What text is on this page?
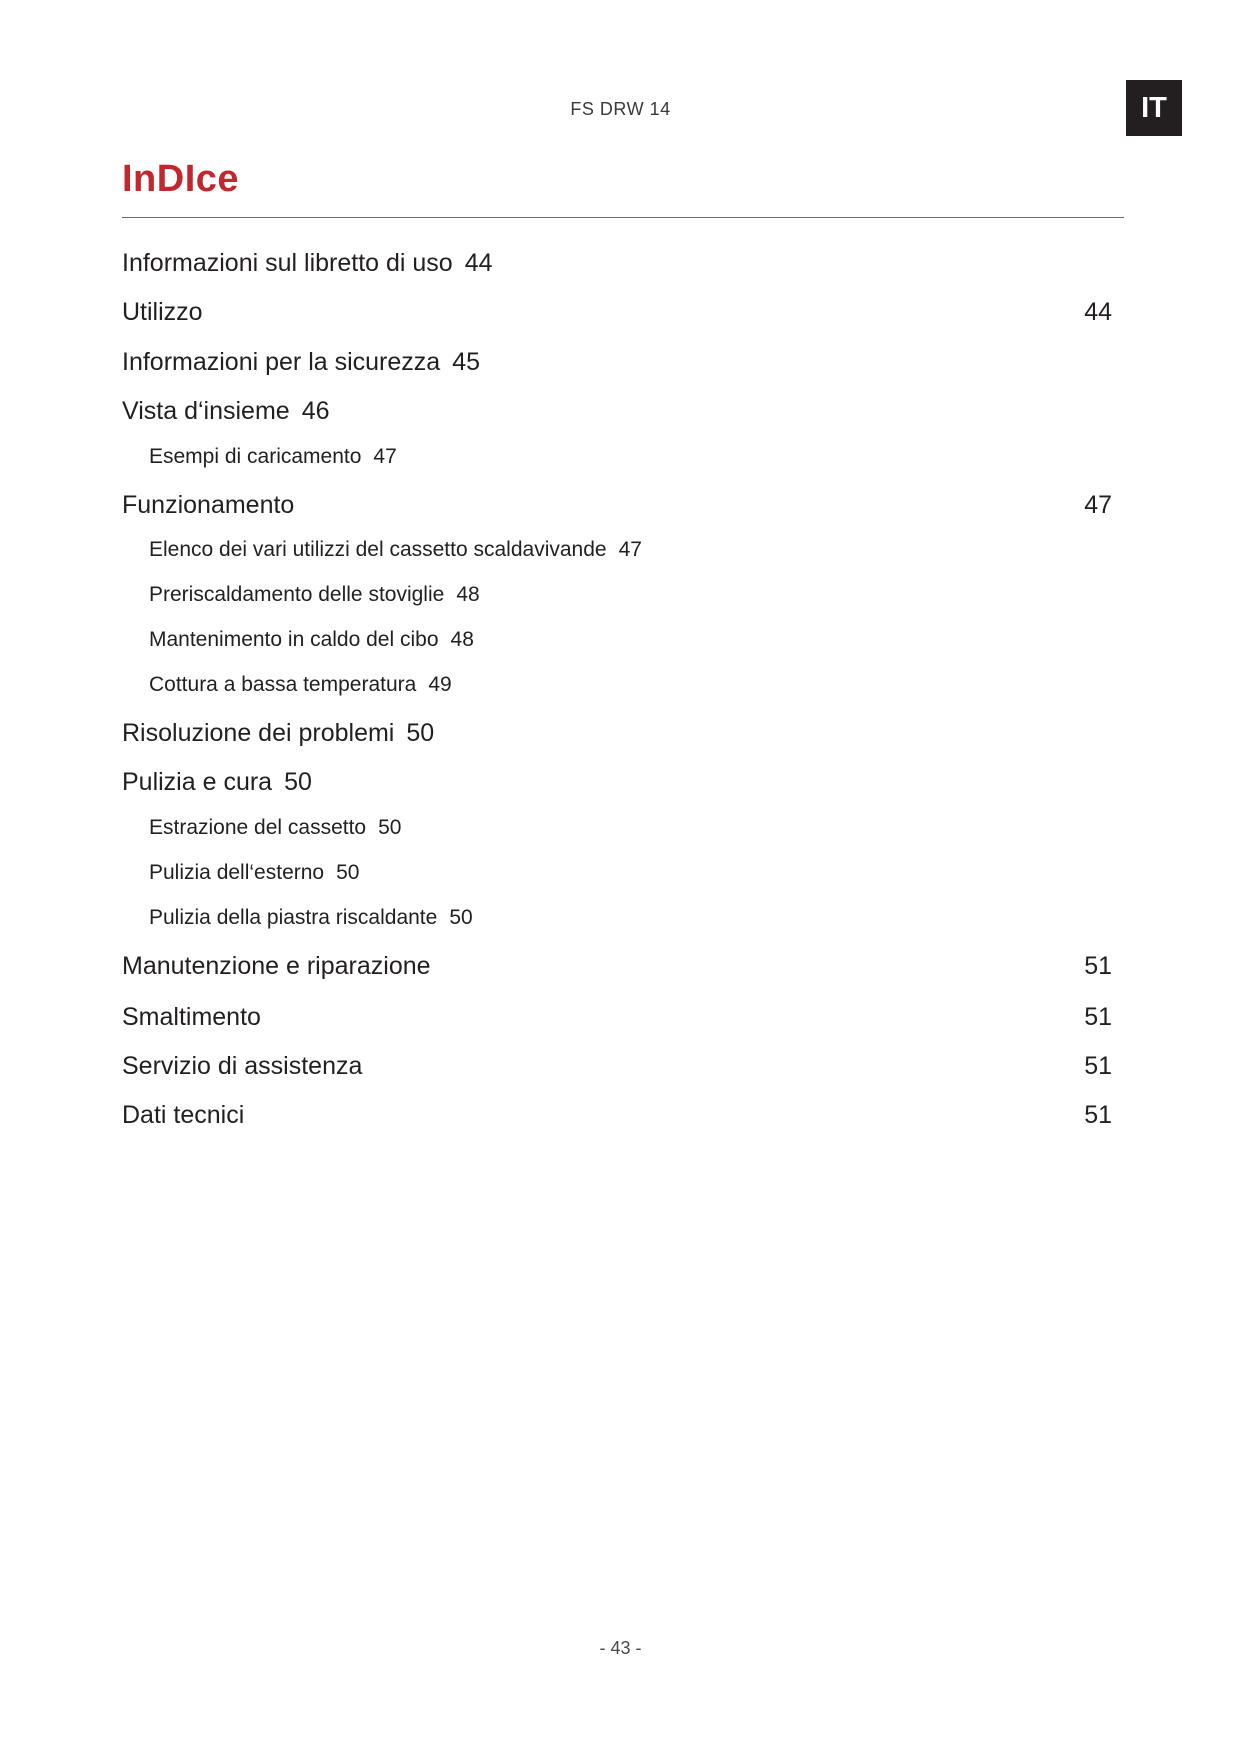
FS DRW 14	IT
InDIce
Informazioni sul libretto di uso 44
Utilizzo	44
Informazioni per la sicurezza 45
Vista d‘insieme 46
Esempi di caricamento 47
Funzionamento	47
Elenco dei vari utilizzi del cassetto scaldavivande 47
Preriscaldamento delle stoviglie 48
Mantenimento in caldo del cibo 48
Cottura a bassa temperatura 49
Risoluzione dei problemi 50
Pulizia e cura 50
Estrazione del cassetto 50
Pulizia dell‘esterno 50
Pulizia della piastra riscaldante 50
Manutenzione e riparazione	51
Smaltimento	51
Servizio di assistenza	51
Dati tecnici	51
- 43 -
